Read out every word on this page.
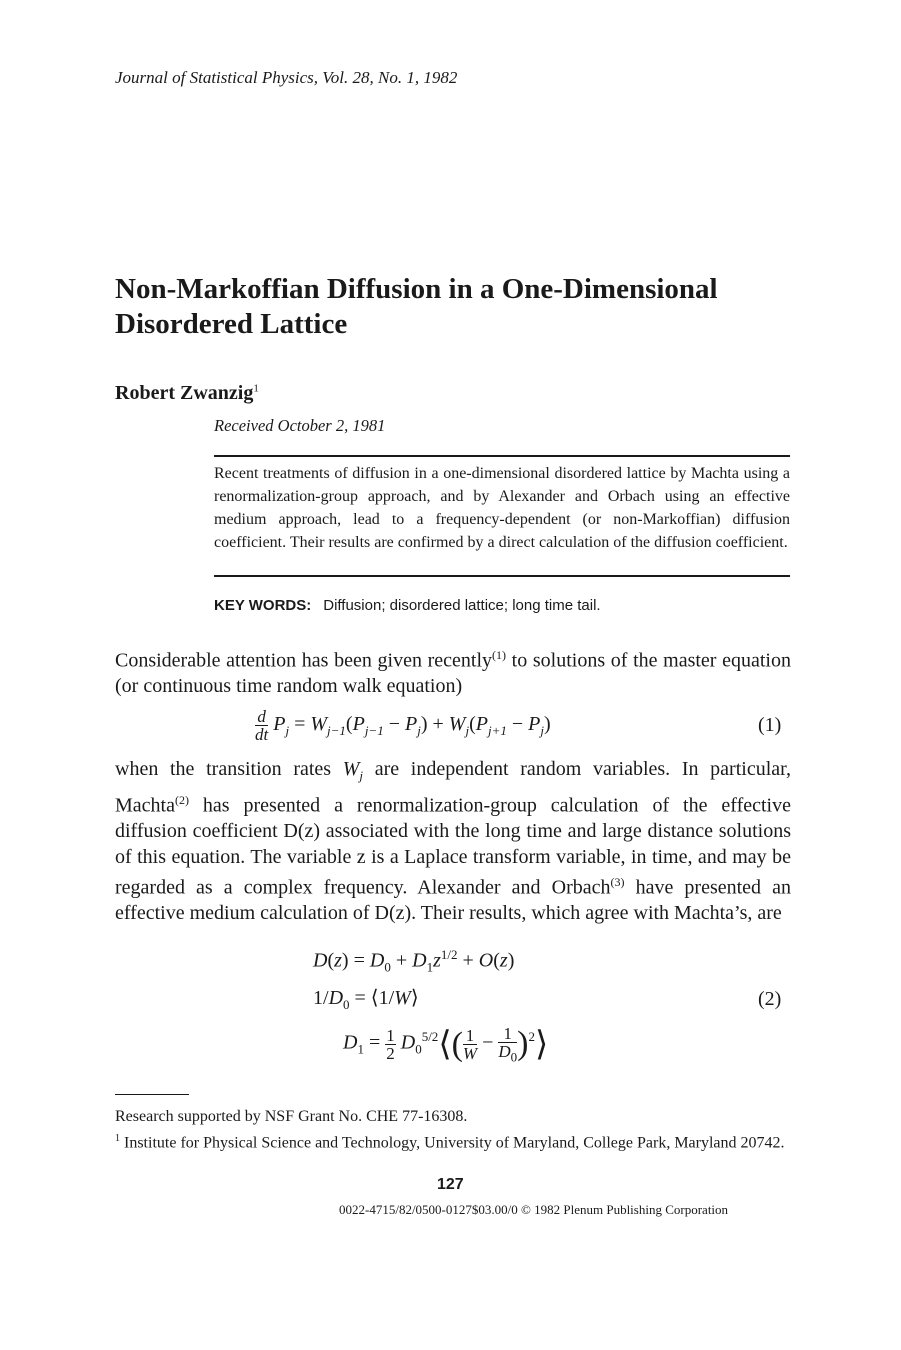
Journal of Statistical Physics, Vol. 28, No. 1, 1982
Non-Markoffian Diffusion in a One-Dimensional
Disordered Lattice
Robert Zwanzig$^1$
Received October 2, 1981
Recent treatments of diffusion in a one-dimensional disordered lattice by Machta using a renormalization-group approach, and by Alexander and Orbach using an effective medium approach, lead to a frequency-dependent (or non-Markoffian) diffusion coefficient. Their results are confirmed by a direct calculation of the diffusion coefficient.
KEY WORDS: Diffusion; disordered lattice; long time tail.
Considerable attention has been given recently$^{(1)}$ to solutions of the master equation (or continuous time random walk equation)
$\frac{d}{dt} P_j = W_{j-1}(P_{j-1} - P_j) + W_j(P_{j+1} - P_j)$	(1)
when the transition rates $W_j$ are independent random variables. In particular, Machta$^{(2)}$ has presented a renormalization-group calculation of the effective diffusion coefficient D(z) associated with the long time and large distance solutions of this equation. The variable z is a Laplace transform variable, in time, and may be regarded as a complex frequency. Alexander and Orbach$^{(3)}$ have presented an effective medium calculation of D(z). Their results, which agree with Machta’s, are
$D(z) = D_0 + D_1z^{1/2} + O(z)$
$1/D_0$ = ⟨1/W⟩	(2)
$D_1 = \frac{1}{2}$ $D_0^{5/2}⟨( \frac{1}{W} - \frac{1}{D_0}$ )$^2$⟩
Research supported by NSF Grant No. CHE 77-16308.
$^1$ Institute for Physical Science and Technology, University of Maryland, College Park, Maryland 20742.
127
0022-4715/82/0500-0127$03.00/0 © 1982 Plenum Publishing Corporation
